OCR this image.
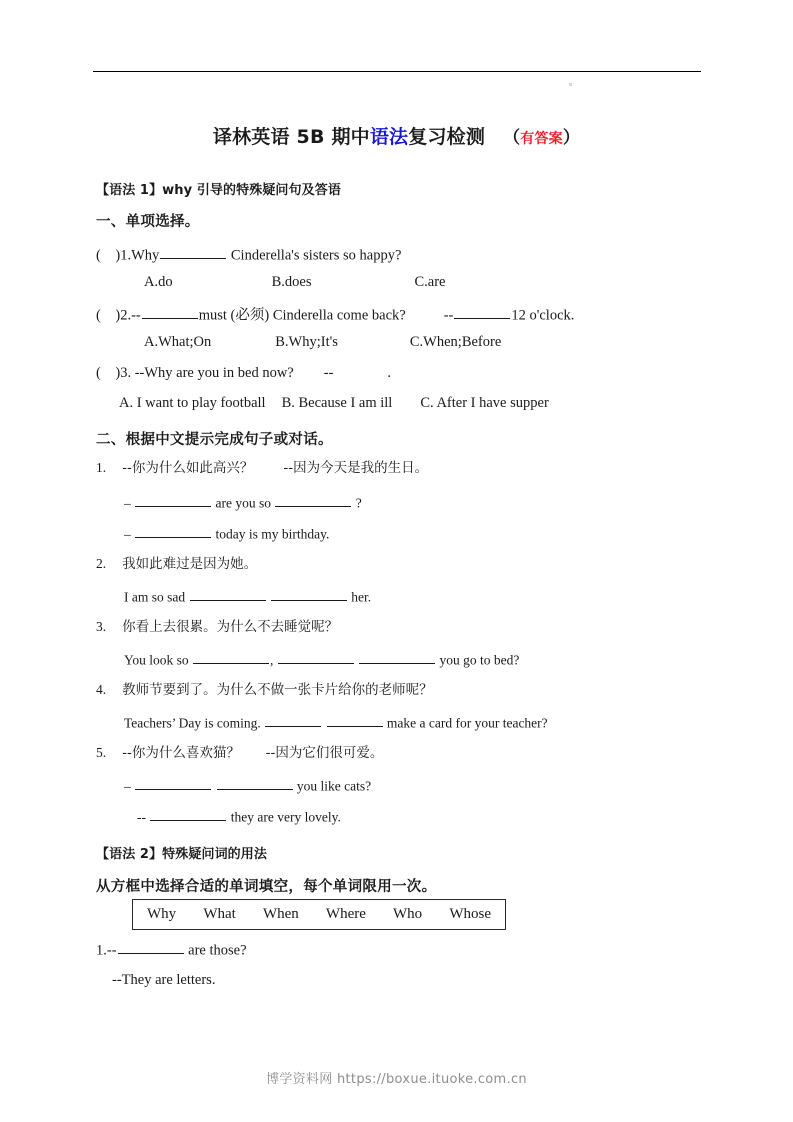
译林英语 5B 期中语法复习检测 （有答案）
【语法 1】why 引导的特殊疑问句及答语
一、单项选择。
( )1.Why	Cinderella's sisters so happy?
A.do	B.does	C.are
( )2.--	must (必须) Cinderella come back?	--	12 o'clock.
A.What;On	B.Why;It's	C.When;Before
( )3. --Why are you in bed now? --	.
A. I want to play football B. Because I am ill C. After I have supper
二、根据中文提示完成句子或对话。
1. --你为什么如此高兴？       --因为今天是我的生日。
–	are you so	?
–	today is my birthday.
2. 我如此难过是因为她。
I am so sad	her.
3. 你看上去很累。为什么不去睡觉呢？
You look so	,	you go to bed?
4. 教师节要到了。为什么不做一张卡片给你的老师呢？
Teachers’ Day is coming.	make a card for your teacher?
5. --你为什么喜欢猫？      --因为它们很可爱。
–	you like cats?
--	they are very lovely.
【语法 2】特殊疑问词的用法
从方框中选择合适的单词填空，每个单词限用一次。
Why What When Where Who Whose
1.--	are those?
--They are letters.
博学资料网 https://boxue.ituoke.com.cn
